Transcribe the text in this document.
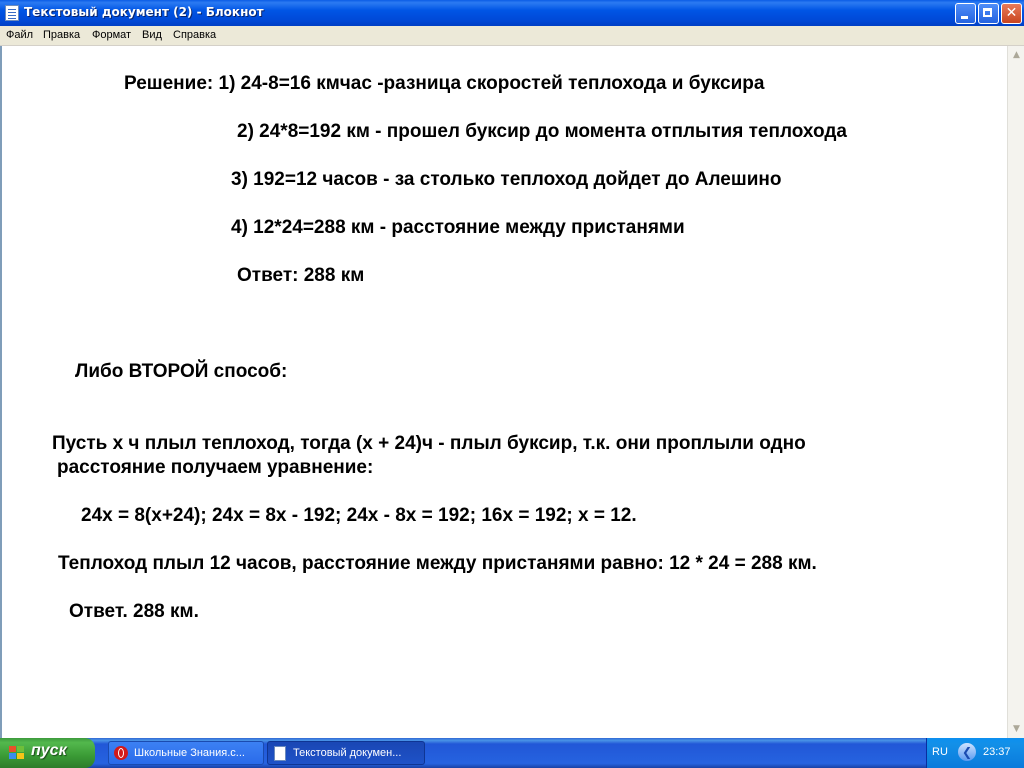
Текстовый документ (2) - Блокнот	✕
Файл Правка Формат Вид Справка
Решение: 1) 24-8=16 кмчас -разница скоростей теплохода и буксира
2) 24*8=192 км - прошел буксир до момента отплытия теплохода
3) 192=12 часов - за столько теплоход дойдет до Алешино
4) 12*24=288 км - расстояние между пристанями
Ответ: 288 км
Либо ВТОРОЙ способ:
Пусть x ч плыл теплоход, тогда (x + 24)ч - плыл буксир, т.к. они проплыли одно
расстояние получаем уравнение:
24x = 8(x+24); 24x = 8x - 192; 24x - 8x = 192; 16x = 192; x = 12.
Теплоход плыл 12 часов, расстояние между пристанями равно: 12 * 24 = 288 км.
Ответ. 288 км.
▲
▼
пуск	Школьные Знания.c...	Текстовый докумен...	RU	❮ 23:37
